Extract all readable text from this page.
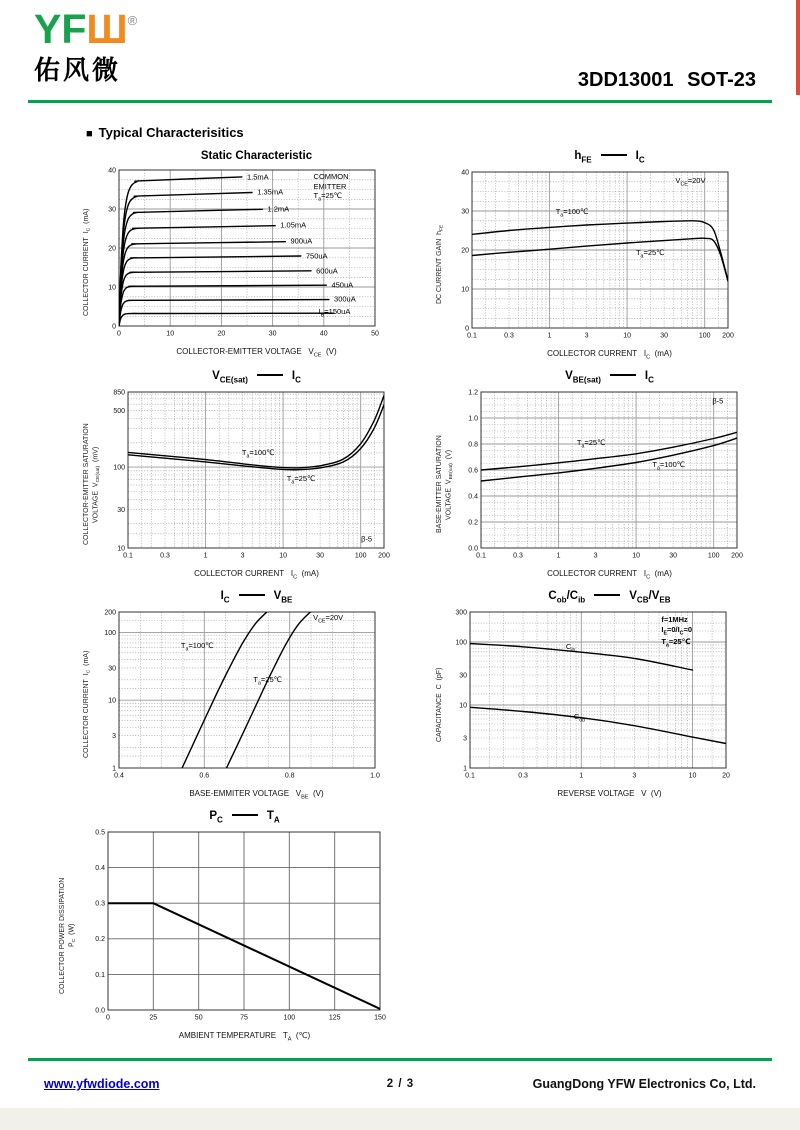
YFШ®
佑风微	3DD13001 SOT-23
■ Typical Characterisitics
Static Characteristic
COLLECTOR CURRENT  $I_C$  (mA)
0	10	20	30	40	50
0
10
20
30
40
1.5mA
1.35mA
1.2mA
1.05mA
900uA
750uA
600uA
450uA
300uA
$I_B=150uA$
COMMON
EMITTER
$T_a=25℃$
COLLECTOR-EMITTER VOLTAGE   $V_{CE}$  (V)
$h_{FE}$	$I_C$
DC CURRENT GAIN  $h_{FE}$
0.1	0.3	1	3	10	30	100 200
0
10
20
30
40
$T_a=100℃$
$T_a=25℃$
$V_{CE}=20V$
COLLECTOR CURRENT   $I_C$  (mA)
$V_{CE(sat)}$	$I_C$
COLLECTOR-EMITTER SATURATION VOLTAGE  $V_{CE(sat)}$  (mV)
0.1	0.3	1	3	10	30	100 200
10
30
100
500
850
$T_a=100℃$
$T_a=25℃$
β-5
COLLECTOR CURRENT   $I_C$  (mA)
$V_{BE(sat)}$	$I_C$
BASE-EMITTER SATURATION VOLTAGE  $V_{BE(sat)}$  (V)
0.1	0.3	1	3	10	30	100 200
0.0
0.2
0.4
0.6
0.8
1.0
1.2
$T_a=25℃$
$T_a=100℃$
β-5
COLLECTOR CURRENT   $I_C$  (mA)
$I_C$	$V_{BE}$
COLLECTOR CURRENT  $I_C$  (mA)
0.4	0.6	0.8	1.0
1
3
10
30
100
200
$T_a=100℃$
$T_a=25℃$
$V_{CE}=20V$
BASE-EMMITER VOLTAGE   $V_{BE}$  (V)
$C_{ob}/C_{ib}$	$V_{CB}/V_{EB}$
CAPACITANCE  C  (pF)
0.1	0.3	1	3	10	20
1
3
10
30
100
300
$C_{ib}$
$C_{ob}$
f=1MHz
$I_E=0/I_C=0$
$T_a=25℃$
REVERSE VOLTAGE   V  (V)
$P_C$	$T_A$
COLLECTOR POWER DISSIPATION $P_C$  (W)
0	25	50	75	100	125	150
0.0
0.1
0.2
0.3
0.4
0.5
AMBIENT TEMPERATURE   $T_A$  (℃)
www.yfwdiode.com	2 / 3	GuangDong YFW Electronics Co, Ltd.
